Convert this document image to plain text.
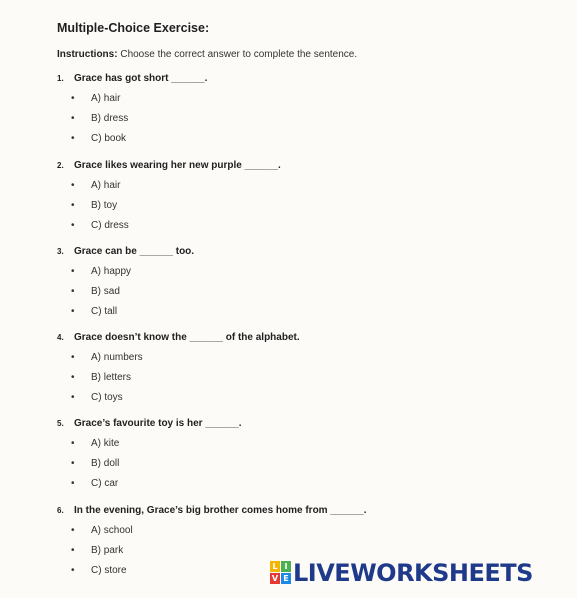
Multiple-Choice Exercise:
Instructions: Choose the correct answer to complete the sentence.
1.	Grace has got short ______.
•	A) hair
•	B) dress
•	C) book
2.	Grace likes wearing her new purple ______.
•	A) hair
•	B) toy
•	C) dress
3.	Grace can be ______ too.
•	A) happy
•	B) sad
•	C) tall
4.	Grace doesn’t know the ______ of the alphabet.
•	A) numbers
•	B) letters
•	C) toys
5.	Grace’s favourite toy is her ______.
•	A) kite
•	B) doll
•	C) car
6.	In the evening, Grace’s big brother comes home from ______.
•	A) school
•	B) park
•	C) store	L I
V E LIVEWORKSHEETS
